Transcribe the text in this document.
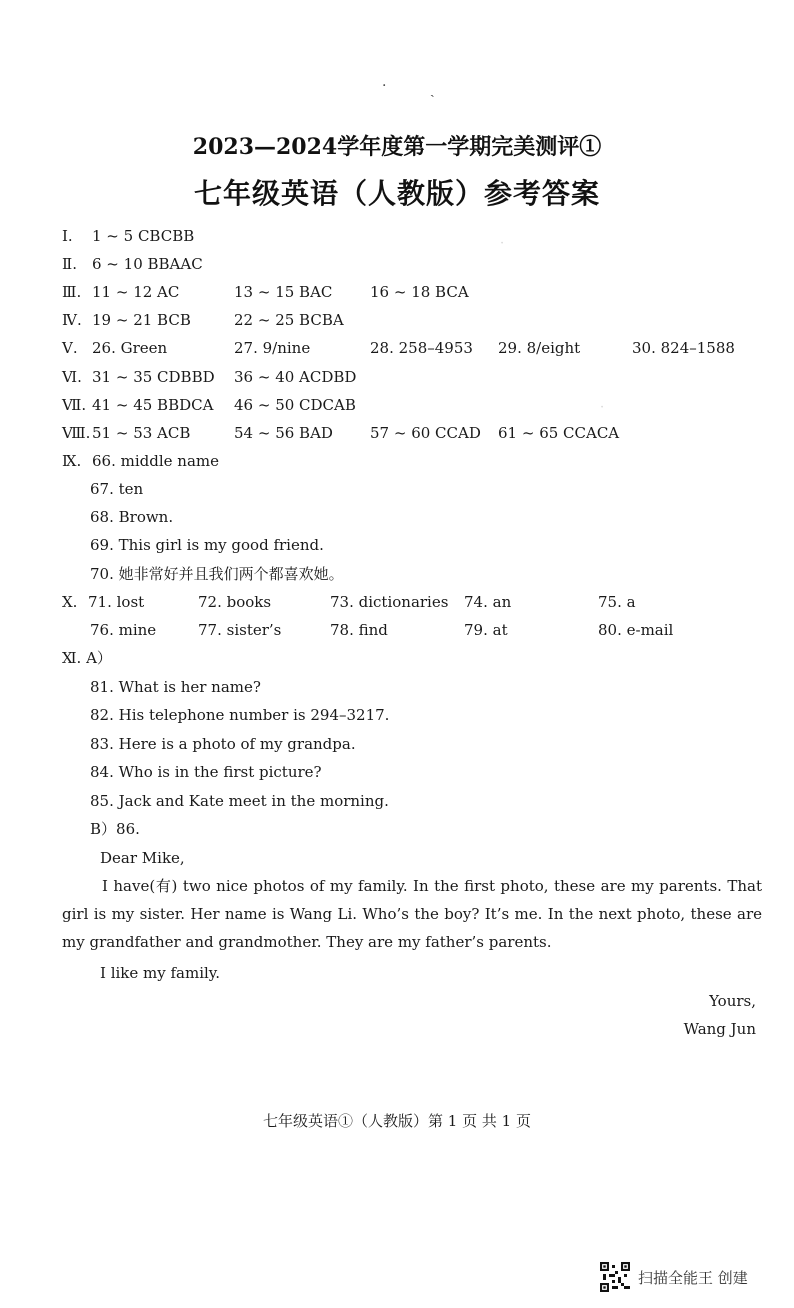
·
·
·	ˏ
2023—2024学年度第一学期完美测评①
七年级英语（人教版）参考答案
Ⅰ. 1 ~ 5 CBCBB
Ⅱ. 6 ~ 10 BBAAC
Ⅲ. 11 ~ 12 AC	13 ~ 15 BAC	16 ~ 18 BCA
Ⅳ. 19 ~ 21 BCB	22 ~ 25 BCBA
Ⅴ. 26. Green	27. 9/nine	28. 258–4953 29. 8/eight	30. 824–1588
Ⅵ. 31 ~ 35 CDBBD 36 ~ 40 ACDBD
Ⅶ. 41 ~ 45 BBDCA 46 ~ 50 CDCAB
Ⅷ. 51 ~ 53 ACB	54 ~ 56 BAD 57 ~ 60 CCAD 61 ~ 65 CCACA
Ⅸ. 66. middle name
67. ten
68. Brown.
69. This girl is my good friend.
70. 她非常好并且我们两个都喜欢她。
Ⅹ. 71. lost	72. books	73. dictionaries 74. an	75. a
76. mine	77. sister’s	78. find	79. at	80. e-mail
Ⅺ. A）
81. What is her name?
82. His telephone number is 294–3217.
83. Here is a photo of my grandpa.
84. Who is in the first picture?
85. Jack and Kate meet in the morning.
B）86.
Dear Mike,
I have(有) two nice photos of my family. In the first photo, these are my parents. That girl is my sister. Her name is Wang Li. Who’s the boy? It’s me. In the next photo, these are my grandfather and grandmother. They are my father’s parents.
I like my family.
Yours,
Wang Jun
七年级英语①（人教版）第 1 页 共 1 页
扫描全能王 创建
